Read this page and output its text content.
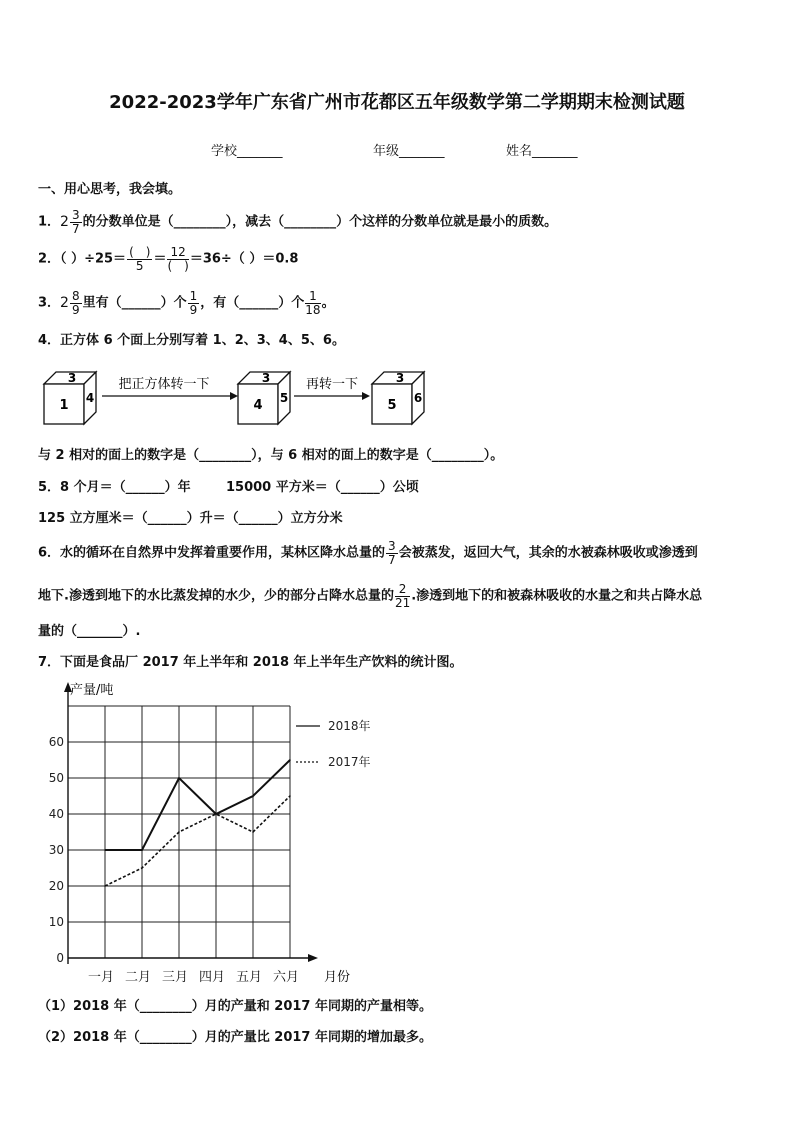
2022-2023学年广东省广州市花都区五年级数学第二学期期末检测试题
学校_______	年级_______	姓名_______
一、用心思考，我会填。
1．$2 \frac{3}{7}$ 的分数单位是（________），减去（________）个这样的分数单位就是最小的质数。
2．（ ）$\div 25= \frac{( )}{5} = \frac{12}{( )} =36\div$（ ）＝0.8
3．$2 \frac{8}{9}$ 里有（______）个 $\frac{1}{9}$ ，有（______）个 $\frac{1}{18}$ 。
4．正方体 6 个面上分别写着 1、2、3、4、5、6。
3
1 4
把正方体转一下	3
4 5
再转一下	3
5 6
与 2 相对的面上的数字是（________），与 6 相对的面上的数字是（________）。
5．8 个月＝（______）年	15000 平方米＝（______）公顷
125 立方厘米＝（______）升＝（______）立方分米
6．水的循环在自然界中发挥着重要作用，某林区降水总量的 $\frac{3}{7}$ 会被蒸发，返回大气，其余的水被森林吸收或渗透到
地下.渗透到地下的水比蒸发掉的水少，少的部分占降水总量的 $\frac{2}{21}$ .渗透到地下的和被森林吸收的水量之和共占降水总
量的（_______）.
7．下面是食品厂 2017 年上半年和 2018 年上半年生产饮料的统计图。
0
10
20
30
40
50
60
一月 二月 三月 四月 五月 六月
产量/吨
月份
2018年
2017年
（1）2018 年（________）月的产量和 2017 年同期的产量相等。
（2）2018 年（________）月的产量比 2017 年同期的增加最多。
